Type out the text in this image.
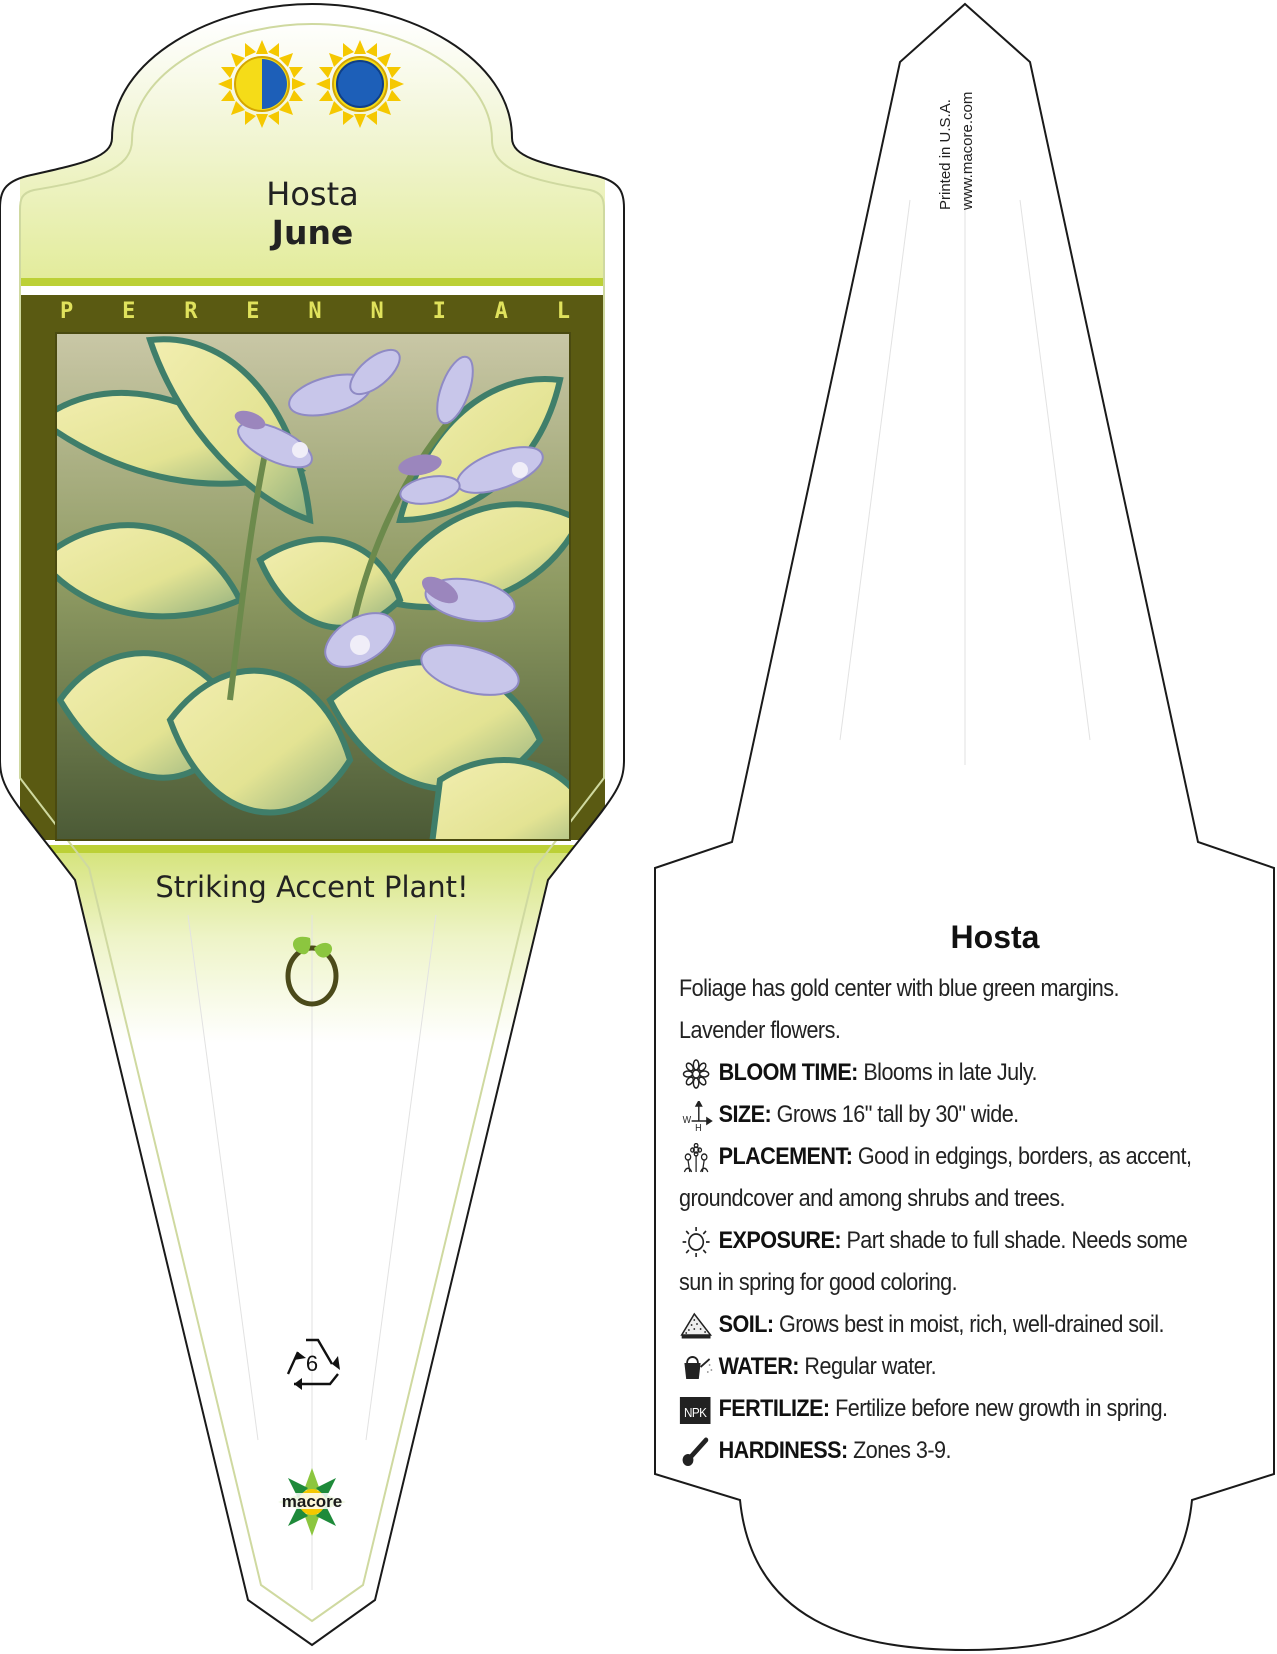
6
macore
Hosta
June
P E R E N N I A L
Striking Accent Plant!
Printed in U.S.A. www.macore.com
Hosta
Foliage has gold center with blue green margins.
Lavender flowers.
BLOOM TIME: Blooms in late July.
W
H
SIZE: Grows 16" tall by 30" wide.
PLACEMENT: Good in edgings, borders, as accent,
groundcover and among shrubs and trees.
EXPOSURE: Part shade to full shade. Needs some
sun in spring for good coloring.
SOIL: Grows best in moist, rich, well-drained soil.
WATER: Regular water.
NPK FERTILIZE: Fertilize before new growth in spring.
HARDINESS: Zones 3-9.
